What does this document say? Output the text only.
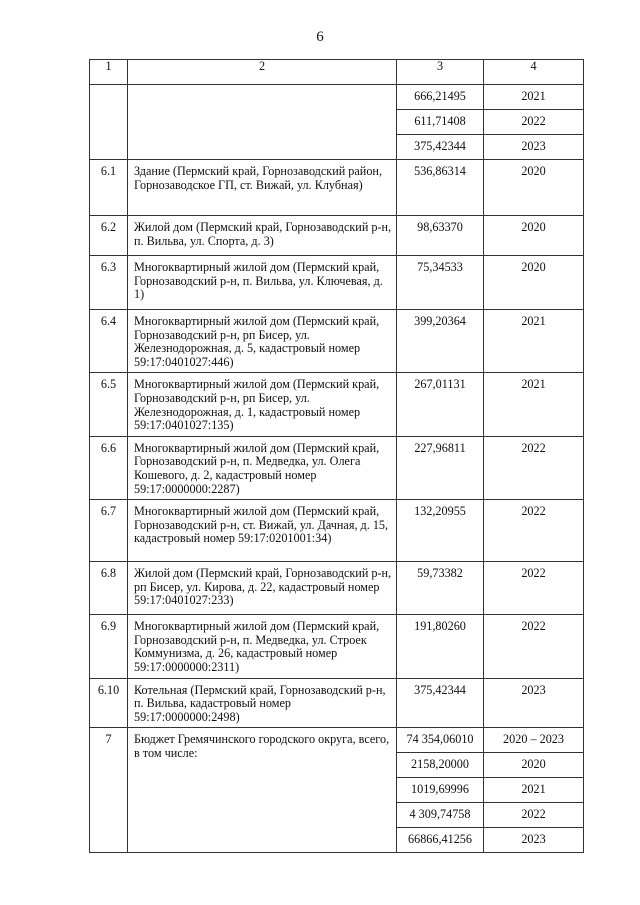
6
1	2	3	4
		666,21495	2021
		611,71408	2022
		375,42344	2023
6.1	Здание (Пермский край, Горнозаводский район, Горнозаводское ГП, ст. Вижай, ул. Клубная)	536,86314	2020
6.2	Жилой дом (Пермский край, Горнозаводский р-н, п. Вильва, ул. Спорта, д. 3)	98,63370	2020
6.3	Многоквартирный жилой дом (Пермский край, Горнозаводский р-н, п. Вильва, ул. Ключевая, д. 1)	75,34533	2020
6.4	Многоквартирный жилой дом (Пермский край, Горнозаводский р-н, рп Бисер, ул. Железнодорожная, д. 5, кадастровый номер 59:17:0401027:446)	399,20364	2021
6.5	Многоквартирный жилой дом (Пермский край, Горнозаводский р-н, рп Бисер, ул. Железнодорожная, д. 1, кадастровый номер 59:17:0401027:135)	267,01131	2021
6.6	Многоквартирный жилой дом (Пермский край, Горнозаводский р-н, п. Медведка, ул. Олега Кошевого, д. 2, кадастровый номер 59:17:0000000:2287)	227,96811	2022
6.7	Многоквартирный жилой дом (Пермский край, Горнозаводский р-н, ст. Вижай, ул. Дачная, д. 15, кадастровый номер 59:17:0201001:34)	132,20955	2022
6.8	Жилой дом (Пермский край, Горнозаводский р-н, рп Бисер, ул. Кирова, д. 22, кадастровый номер 59:17:0401027:233)	59,73382	2022
6.9	Многоквартирный жилой дом (Пермский край, Горнозаводский р-н, п. Медведка, ул. Строек Коммунизма, д. 26, кадастровый номер 59:17:0000000:2311)	191,80260	2022
6.10	Котельная (Пермский край, Горнозаводский р-н, п. Вильва, кадастровый номер 59:17:0000000:2498)	375,42344	2023
7	Бюджет Гремячинского городского округа, всего, в том числе:	74 354,06010	2020 – 2023
		2158,20000	2020
		1019,69996	2021
		4 309,74758	2022
		66866,41256	2023
